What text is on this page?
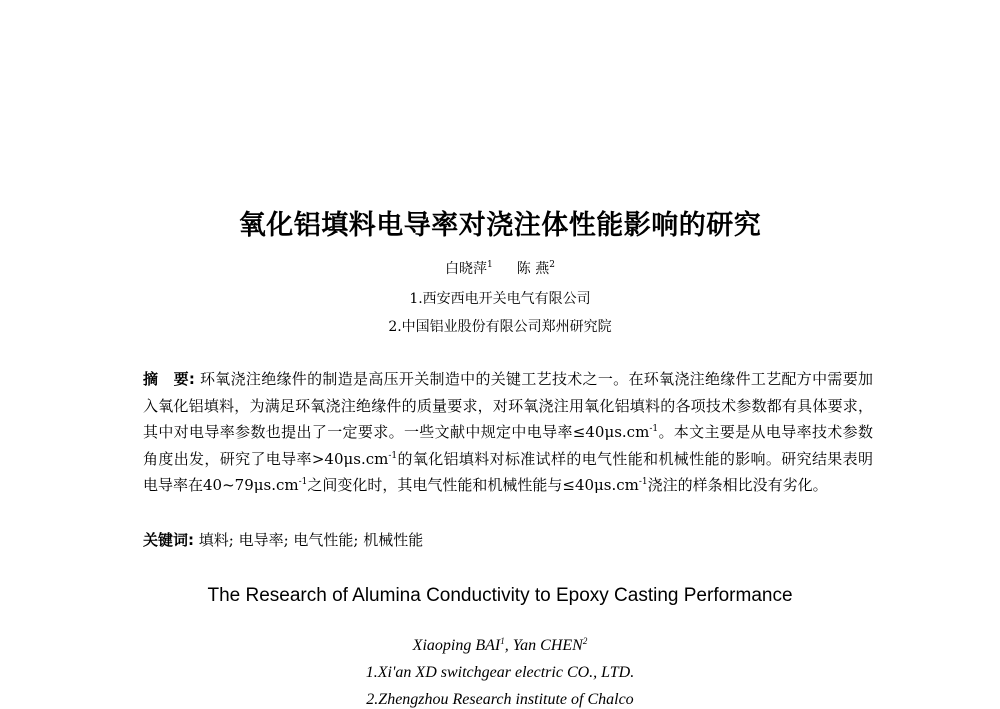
氧化铝填料电导率对浇注体性能影响的研究
白晓萍$^1$ 陈 燕$^2$
1.西安西电开关电气有限公司
2.中国铝业股份有限公司郑州研究院
摘　要: 环氧浇注绝缘件的制造是高压开关制造中的关键工艺技术之一。在环氧浇注绝缘件工艺配方中需要加入氧化铝填料，为满足环氧浇注绝缘件的质量要求，对环氧浇注用氧化铝填料的各项技术参数都有具体要求，其中对电导率参数也提出了一定要求。一些文献中规定中电导率$\le 40\mu s.cm^{-1}$。本文主要是从电导率技术参数角度出发，研究了电导率$>40\mu s.cm^{-1}$的氧化铝填料对标准试样的电气性能和机械性能的影响。研究结果表明电导率在$40\sim 79\mu s.cm^{-1}$之间变化时，其电气性能和机械性能与$\le 40\mu s.cm^{-1}$浇注的样条相比没有劣化。
关键词: 填料; 电导率; 电气性能; 机械性能
The Research of Alumina Conductivity to Epoxy Casting Performance
Xiaoping BAI$^1$, Yan CHEN$^2$
1.Xi'an XD switchgear electric CO., LTD.
2.Zhengzhou Research institute of Chalco
